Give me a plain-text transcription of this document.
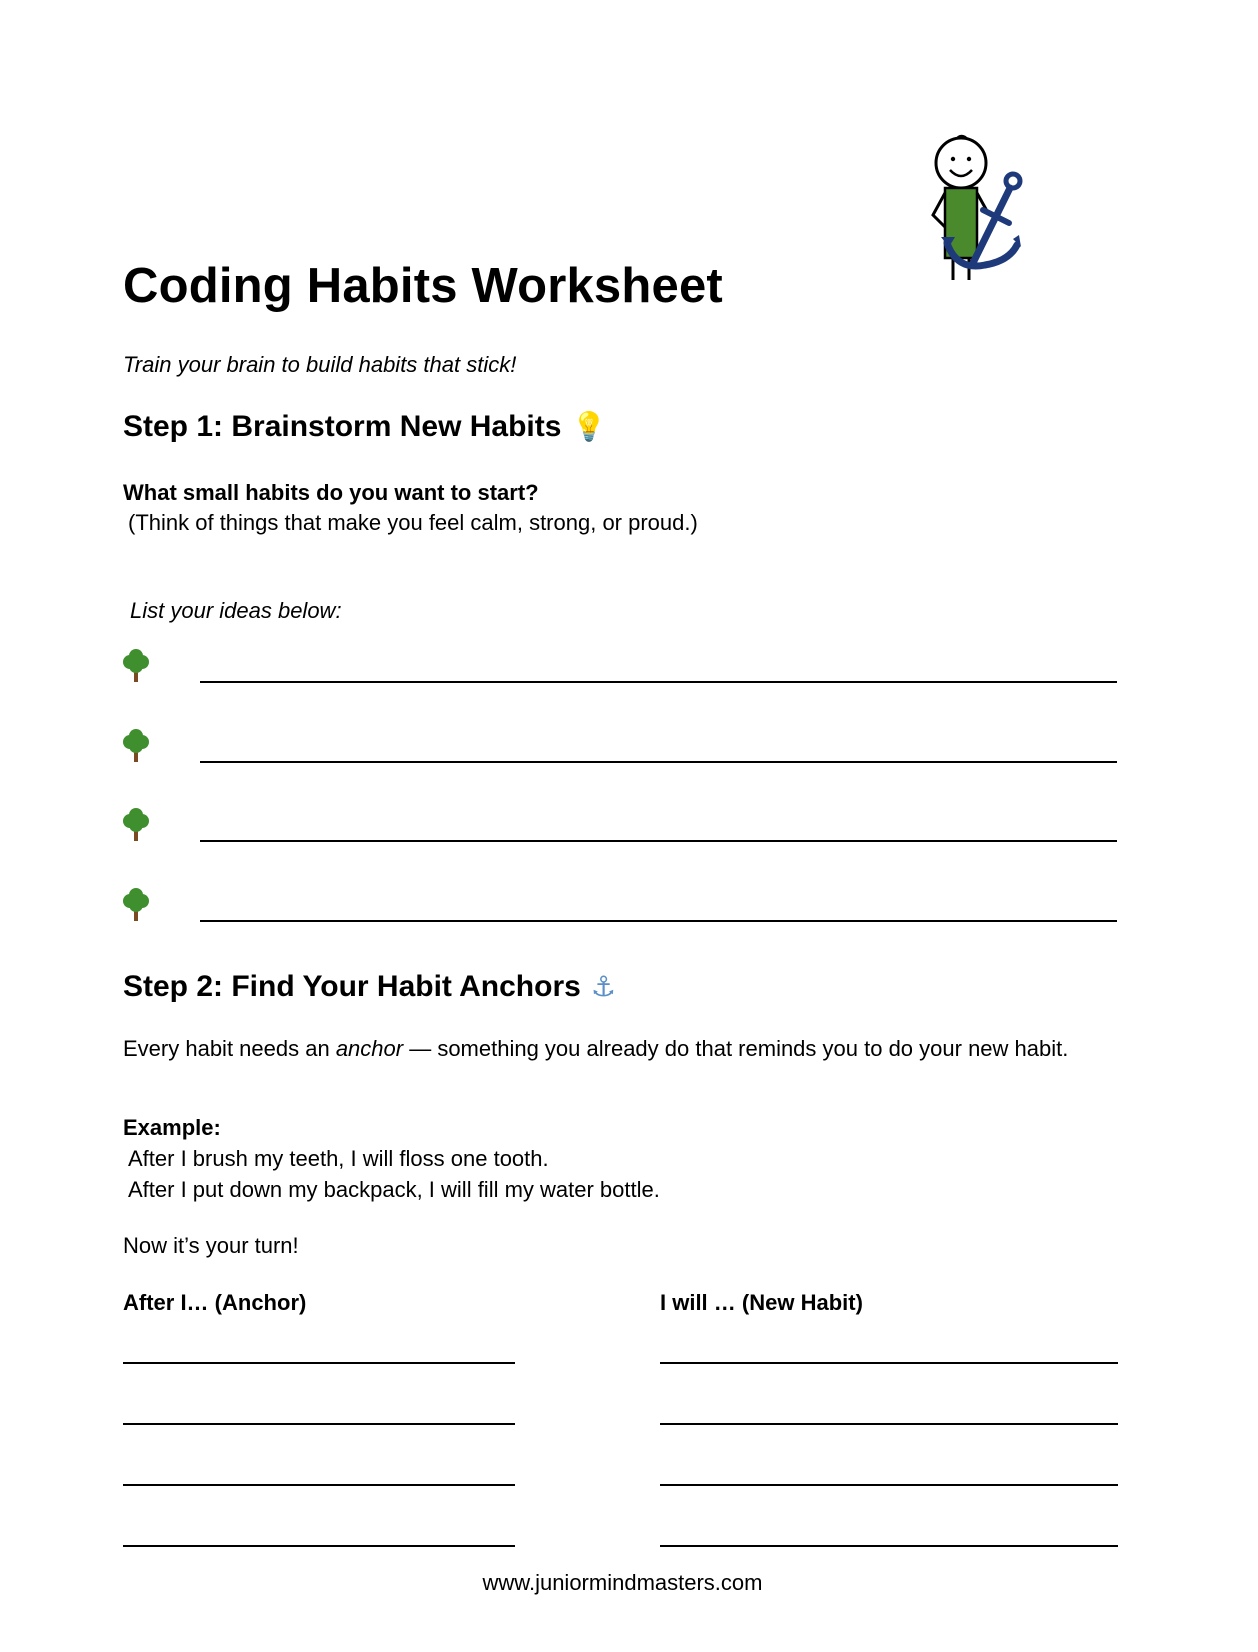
Coding Habits Worksheet
Train your brain to build habits that stick!
Step 1: Brainstorm New Habits 💡
What small habits do you want to start?
(Think of things that make you feel calm, strong, or proud.)
List your ideas below:
Step 2: Find Your Habit Anchors ⚓
Every habit needs an anchor — something you already do that reminds you to do your new habit.
Example:
After I brush my teeth, I will floss one tooth.
After I put down my backpack, I will fill my water bottle.
Now it’s your turn!
After I… (Anchor)	I will … (New Habit)
www.juniormindmasters.com
